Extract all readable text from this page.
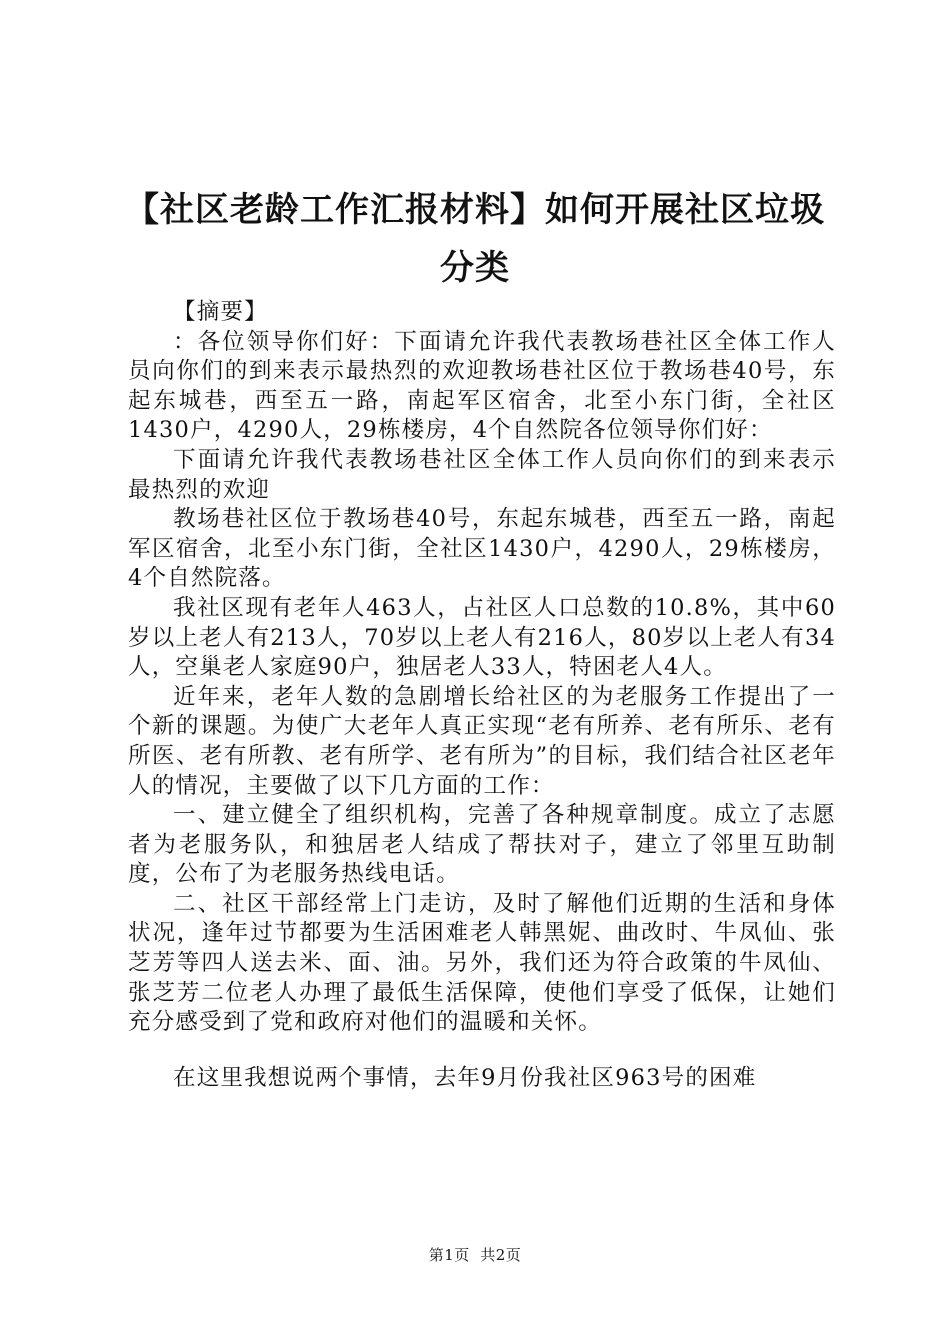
【社区老龄工作汇报材料】如何开展社区垃圾
分类

【摘要】

：各位领导你们好：下面请允许我代表教场巷社区全体工作人员向你们的到来表示最热烈的欢迎教场巷社区位于教场巷40号，东起东城巷，西至五一路，南起军区宿舍，北至小东门街，全社区1430户，4290人，29栋楼房，4个自然院各位领导你们好：

下面请允许我代表教场巷社区全体工作人员向你们的到来表示最热烈的欢迎

教场巷社区位于教场巷40号，东起东城巷，西至五一路，南起军区宿舍，北至小东门街，全社区1430户，4290人，29栋楼房，4个自然院落。

我社区现有老年人463人，占社区人口总数的10.8%，其中60岁以上老人有213人，70岁以上老人有216人，80岁以上老人有34人，空巢老人家庭90户，独居老人33人，特困老人4人。

近年来，老年人数的急剧增长给社区的为老服务工作提出了一个新的课题。为使广大老年人真正实现“老有所养、老有所乐、老有所医、老有所教、老有所学、老有所为”的目标，我们结合社区老年人的情况，主要做了以下几方面的工作：

一、建立健全了组织机构，完善了各种规章制度。成立了志愿者为老服务队，和独居老人结成了帮扶对子，建立了邻里互助制度，公布了为老服务热线电话。

二、社区干部经常上门走访，及时了解他们近期的生活和身体状况，逢年过节都要为生活困难老人韩黑妮、曲改时、牛凤仙、张芝芳等四人送去米、面、油。另外，我们还为符合政策的牛凤仙、张芝芳二位老人办理了最低生活保障，使他们享受了低保，让她们充分感受到了党和政府对他们的温暖和关怀。

在这里我想说两个事情，去年9月份我社区963号的困难

第1页  共2页
